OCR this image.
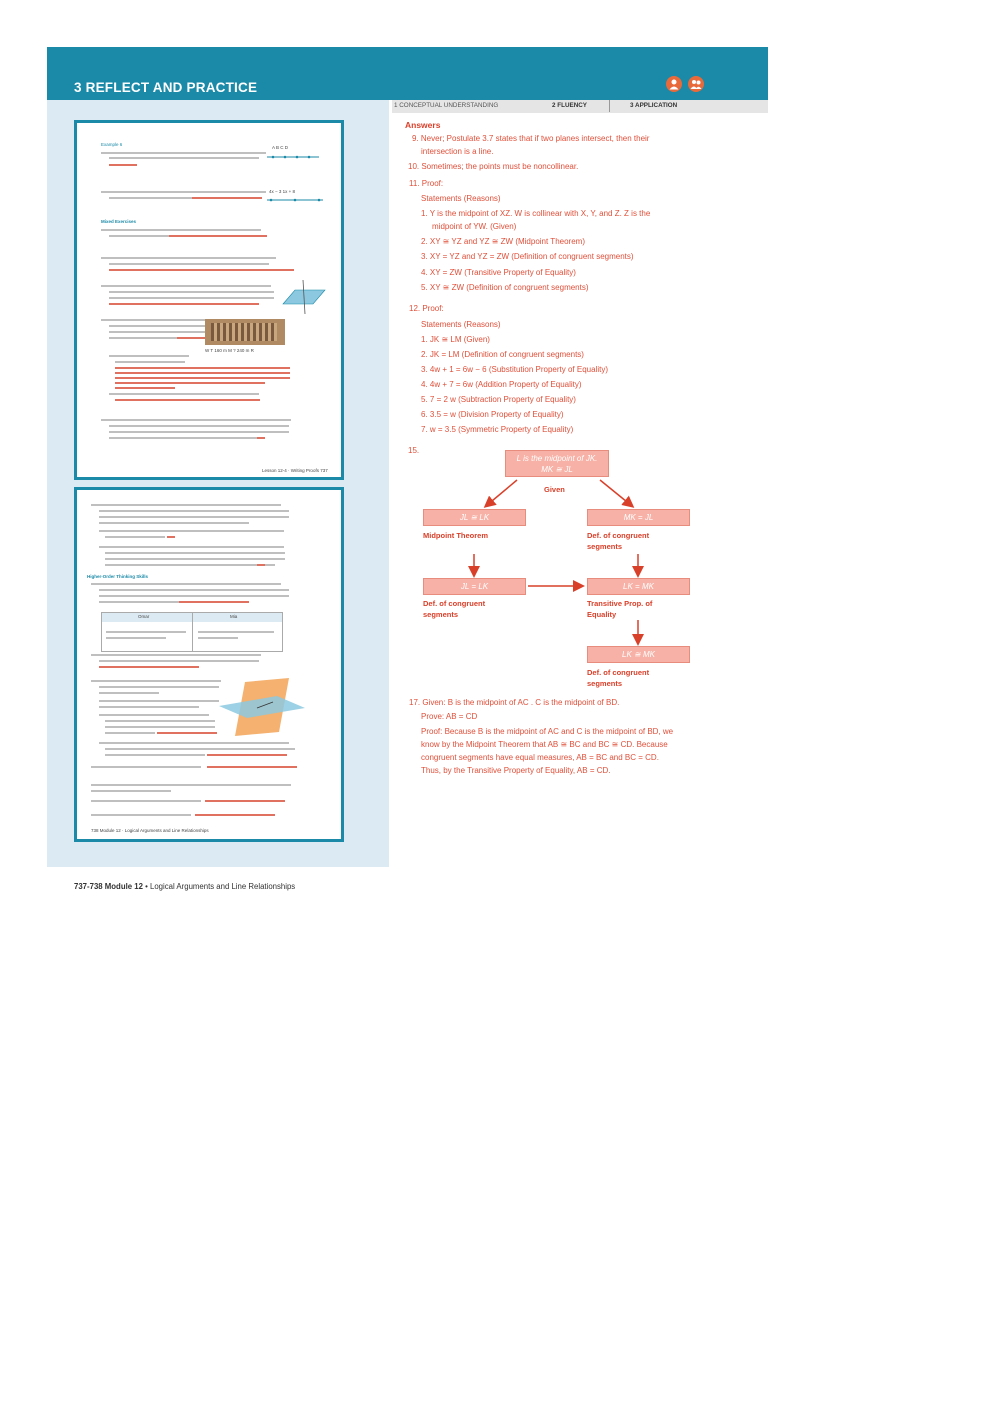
3 REFLECT AND PRACTICE
1 CONCEPTUAL UNDERSTANDING	2 FLUENCY	3 APPLICATION
Example 6
A B C D
4x − 3 1x + 8
Mixed Exercises
W T 160 m M ? 240 m R
Lesson 12-4 · Writing Proofs 737
Higher-Order Thinking Skills
Omar	Mia
738 Module 12 · Logical Arguments and Line Relationships
Answers
9. Never; Postulate 3.7 states that if two planes intersect, then their
intersection is a line.
10. Sometimes; the points must be noncollinear.
11. Proof:
Statements (Reasons)
1. Y is the midpoint of XZ. W is collinear with X, Y, and Z. Z is the
midpoint of YW. (Given)
2. XY ≅ YZ and YZ ≅ ZW (Midpoint Theorem)
3. XY = YZ and YZ = ZW (Definition of congruent segments)
4. XY = ZW (Transitive Property of Equality)
5. XY ≅ ZW (Definition of congruent segments)
12. Proof:
Statements (Reasons)
1. JK ≅ LM (Given)
2. JK = LM (Definition of congruent segments)
3. 4w + 1 = 6w − 6 (Substitution Property of Equality)
4. 4w + 7 = 6w (Addition Property of Equality)
5. 7 = 2 w (Subtraction Property of Equality)
6. 3.5 = w (Division Property of Equality)
7. w = 3.5 (Symmetric Property of Equality)
15.
L is the midpoint of JK.
MK ≅ JL
Given
JL ≅ LK
Midpoint Theorem
MK = JL
Def. of congruent
segments
JL = LK
Def. of congruent
segments
LK = MK
Transitive Prop. of
Equality
LK ≅ MK
Def. of congruent
segments
17. Given: B is the midpoint of AC . C is the midpoint of BD.
Prove: AB = CD
Proof: Because B is the midpoint of AC and C is the midpoint of BD, we
know by the Midpoint Theorem that AB ≅ BC and BC ≅ CD. Because
congruent segments have equal measures, AB = BC and BC = CD.
Thus, by the Transitive Property of Equality, AB = CD.
737-738 Module 12 • Logical Arguments and Line Relationships
